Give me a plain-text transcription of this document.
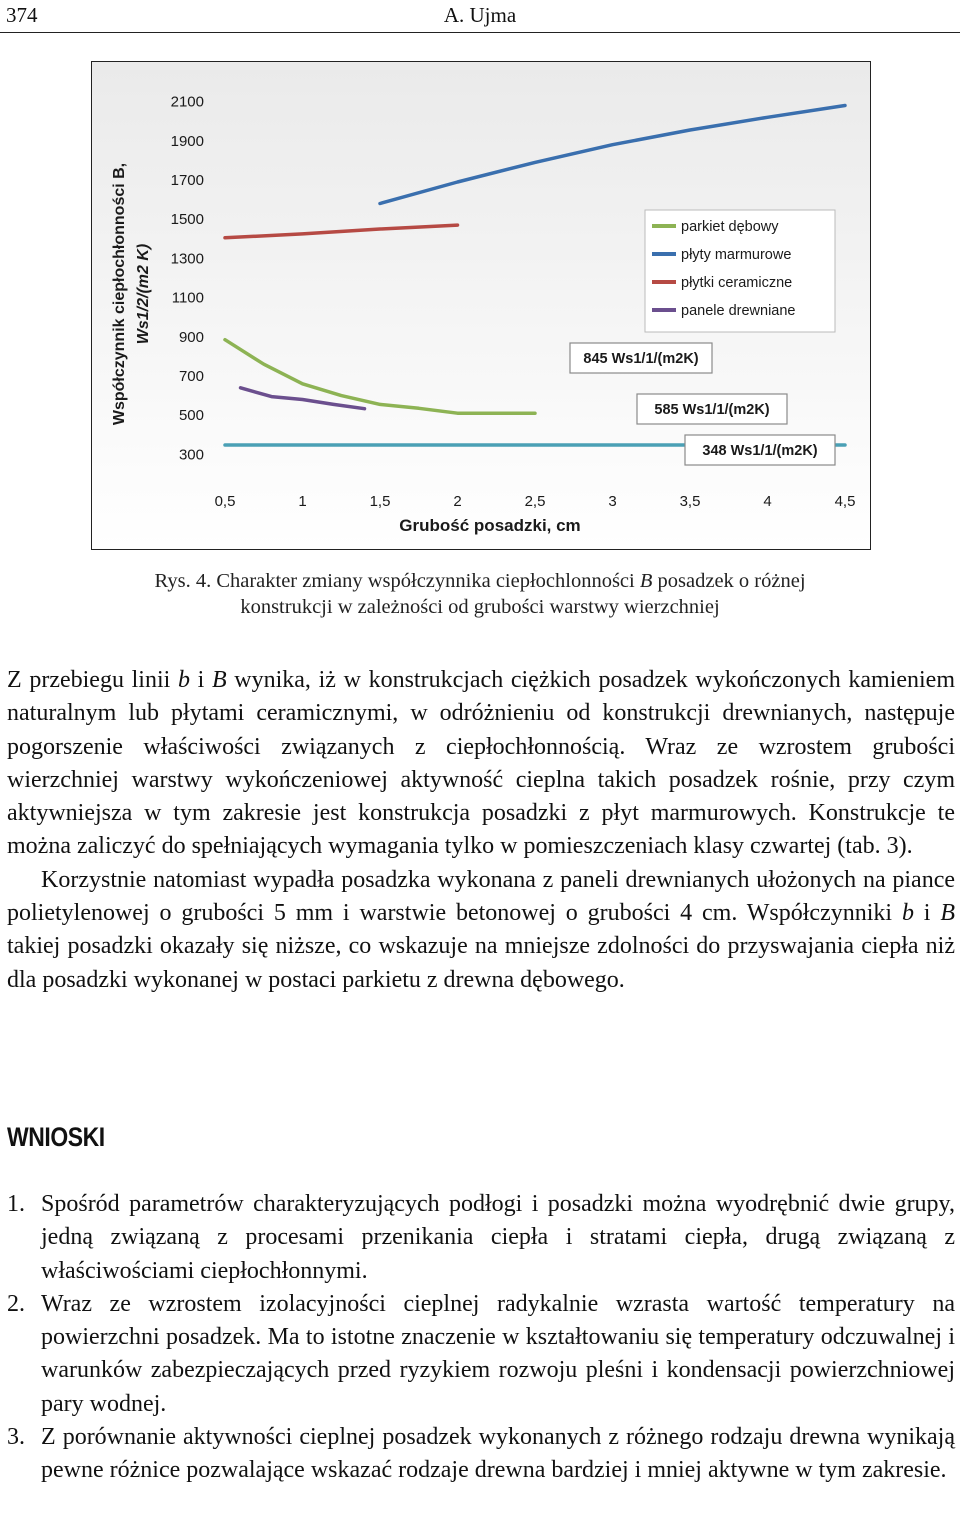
374	A. Ujma
2100
1900
1700
1500
1300
1100
900
700
500
300
0,5	1	1,5	2	2,5	3	3,5	4	4,5
Grubość posadzki, cm
Współczynnik ciepłochłonności B, Ws1/2/(m2 K)
parkiet dębowy
płyty marmurowe
płytki ceramiczne
panele drewniane
845 Ws1/1/(m2K)
585 Ws1/1/(m2K)
348 Ws1/1/(m2K)
Rys. 4. Charakter zmiany współczynnika ciepłochlonności B posadzek o różnej
konstrukcji w zależności od grubości warstwy wierzchniej

Z przebiegu linii b i B wynika, iż w konstrukcjach ciężkich posadzek wykończonych kamieniem naturalnym lub płytami ceramicznymi, w odróżnieniu od konstrukcji drewnianych, następuje pogorszenie właściwości związanych z ciepłochłonnością. Wraz ze wzrostem grubości wierzchniej warstwy wykończeniowej aktywność cieplna takich posadzek rośnie, przy czym aktywniejsza w tym zakresie jest konstrukcja posadzki z płyt marmurowych. Konstrukcje te można zaliczyć do spełniających wymagania tylko w pomieszczeniach klasy czwartej (tab. 3).

Korzystnie natomiast wypadła posadzka wykonana z paneli drewnianych ułożonych na piance polietylenowej o grubości 5 mm i warstwie betonowej o grubości 4 cm. Współczynniki b i B takiej posadzki okazały się niższe, co wskazuje na mniejsze zdolności do przyswajania ciepła niż dla posadzki wykonanej w postaci parkietu z drewna dębowego.

WNIOSKI
1. Spośród parametrów charakteryzujących podłogi i posadzki można wyodrębnić dwie grupy, jedną związaną z procesami przenikania ciepła i stratami ciepła, drugą związaną z właściwościami ciepłochłonnymi.
2. Wraz ze wzrostem izolacyjności cieplnej radykalnie wzrasta wartość temperatury na powierzchni posadzek. Ma to istotne znaczenie w kształtowaniu się temperatury odczuwalnej i warunków zabezpieczających przed ryzykiem rozwoju pleśni i kondensacji powierzchniowej pary wodnej.
3. Z porównanie aktywności cieplnej posadzek wykonanych z różnego rodzaju drewna wynikają pewne różnice pozwalające wskazać rodzaje drewna bardziej i mniej aktywne w tym zakresie.
